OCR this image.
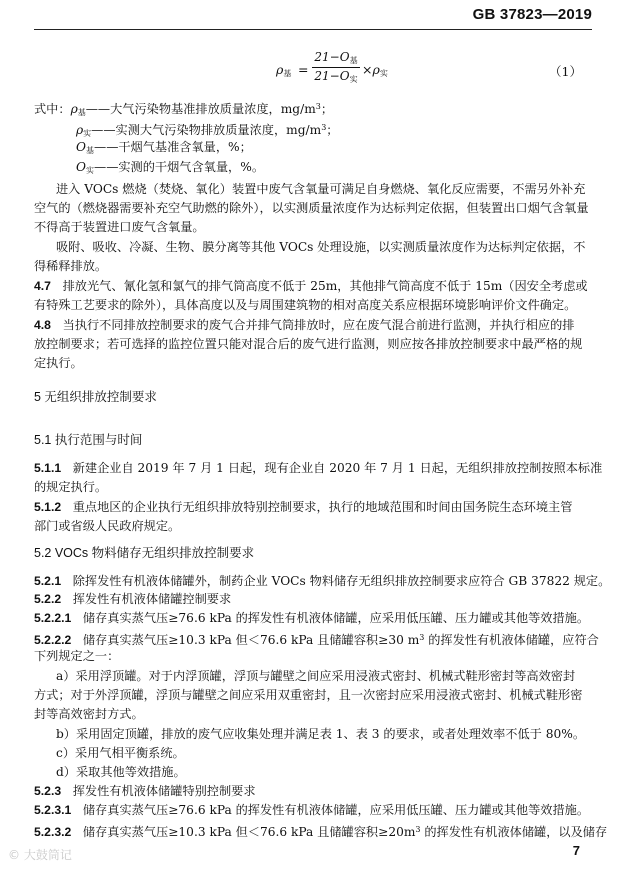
GB 37823—2019
$\rho_基$ =
$21-O_基$
$21-O_实$
$\times\rho_实$	（1）
式中：$\rho_基——$大气污染物基准排放质量浓度，$mg/m^3$；
$\rho_实——$实测大气污染物排放质量浓度，$mg/m^3$；
$O_基——$干烟气基准含氧量，%；
$O_实——$实测的干烟气含氧量，%。
进入 VOCs 燃烧（焚烧、氧化）装置中废气含氧量可满足自身燃烧、氧化反应需要，不需另外补充
空气的（燃烧器需要补充空气助燃的除外），以实测质量浓度作为达标判定依据，但装置出口烟气含氧量
不得高于装置进口废气含氧量。
吸附、吸收、冷凝、生物、膜分离等其他 VOCs 处理设施，以实测质量浓度作为达标判定依据，不
得稀释排放。
4.7 排放光气、氰化氢和氯气的排气筒高度不低于 25m，其他排气筒高度不低于 15m（因安全考虑或
有特殊工艺要求的除外），具体高度以及与周围建筑物的相对高度关系应根据环境影响评价文件确定。
4.8 当执行不同排放控制要求的废气合并排气筒排放时，应在废气混合前进行监测，并执行相应的排
放控制要求；若可选择的监控位置只能对混合后的废气进行监测，则应按各排放控制要求中最严格的规
定执行。
5 无组织排放控制要求
5.1 执行范围与时间
5.1.1 新建企业自 2019 年 7 月 1 日起，现有企业自 2020 年 7 月 1 日起，无组织排放控制按照本标准
的规定执行。
5.1.2 重点地区的企业执行无组织排放特别控制要求，执行的地域范围和时间由国务院生态环境主管
部门或省级人民政府规定。
5.2 VOCs 物料储存无组织排放控制要求
5.2.1 除挥发性有机液体储罐外，制药企业 VOCs 物料储存无组织排放控制要求应符合 GB 37822 规定。
5.2.2 挥发性有机液体储罐控制要求
5.2.2.1 储存真实蒸气压≥76.6 kPa 的挥发性有机液体储罐，应采用低压罐、压力罐或其他等效措施。
5.2.2.2 储存真实蒸气压≥10.3 kPa 但＜76.6 kPa 且储罐容积≥30 $m^3$ 的挥发性有机液体储罐，应符合
下列规定之一：
a）采用浮顶罐。对于内浮顶罐，浮顶与罐壁之间应采用浸液式密封、机械式鞋形密封等高效密封
方式；对于外浮顶罐，浮顶与罐壁之间应采用双重密封，且一次密封应采用浸液式密封、机械式鞋形密
封等高效密封方式。
b）采用固定顶罐，排放的废气应收集处理并满足表 1、表 3 的要求，或者处理效率不低于 80%。
c）采用气相平衡系统。
d）采取其他等效措施。
5.2.3 挥发性有机液体储罐特别控制要求
5.2.3.1 储存真实蒸气压≥76.6 kPa 的挥发性有机液体储罐，应采用低压罐、压力罐或其他等效措施。
5.2.3.2 储存真实蒸气压≥10.3 kPa 但＜76.6 kPa 且储罐容积$\ge 20m^3$ 的挥发性有机液体储罐，以及储存
© 大鼓筒记	7
